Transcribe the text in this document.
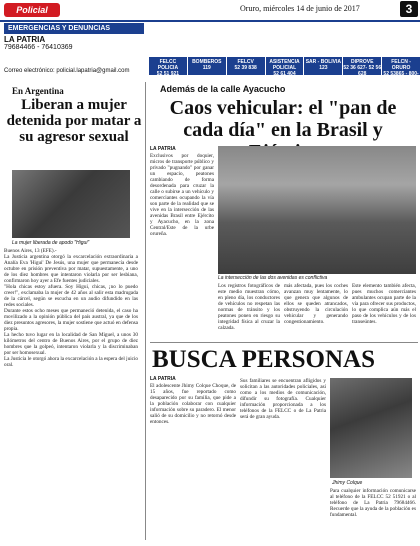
Policial	Oruro, miércoles 14 de junio de 2017	3
EMERGENCIAS Y DENUNCIAS
LA PATRIA
79684466 - 76410369
Correo electrónico: policial.lapatria@gmail.com
FELCC POLICIA
52 51 921
BOMBEROS
119
FELCV
52 39 838
ASISTENCIA POLICIAL
52 61 404
SAR - BOLIVIA
123
DIPROVE
52 36 627- 52 56 628
FELCN - ORURO
52 53865 - 800-10-8080 Línea Gratuita
En Argentina
Liberan a mujer detenida por matar a su agresor sexual
La mujer liberada de apodo "Higui"
Buenos Aires, 13 (EFE).-
La Justicia argentina otorgó la excarcelación extraordinaria a Analía Eva 'Higui' De Jesús, una mujer que permanecía desde octubre en prisión preventiva por matar, supuestamente, a uno de los diez hombres que intentaron violarla por ser lesbiana, confirmaron hoy ayer a Efe fuentes judiciales.
"Hola chicas estoy afuera. Soy Higui, chicas, ¡no lo puedo creer!", exclamaba la mujer de 42 años al salir esta madrugada de la cárcel, según se escucha en un audio difundido en las redes sociales.
Durante estos ocho meses que permaneció detenida, el caso ha movilizado a la opinión pública del país austral, ya que de los diez presuntos agresores, la mujer sostiene que actuó en defensa propia.
La hecho tuvo lugar en la localidad de San Miguel, a unos 30 kilómetros del centro de Buenos Aires, por el grupo de diez hombres que la golpeó, intentaron violarla y la discriminaban por ser homosexual.
La Justicia le otorgó ahora la excarcelación a la espera del juicio oral.
Además de la calle Ayacucho
Caos vehicular: el "pan de cada día" en la Brasil y
LA PATRIA
Exclusivos por doquier, micros de transporte público y privado "pugnando" por ganar un espacio, peatones cambiando de forma desordenada para cruzar la calle o subirse a un vehículo y comerciantes ocupando la vía son parte de la realidad que se vive en la intersección de las avenidas Brasil entre Ejército y Ayacucho, en la zona Central/Este de la urbe orureña.
La intersección de las dos avenidas es conflictiva
Los registros fotográficos de este medio muestran cómo, en pleno día, los conductores de vehículos no respetan las normas de tránsito y los peatones ponen en riesgo su integridad física al cruzar la calzada.
más afectada, pues los coches avanzan muy lentamente, lo que genera que algunos de ellos se queden atrancados, obstruyendo la circulación vehicular y generando congestionamiento.
Este elemento también afecta, pues muchos comerciantes ambulantes ocupan parte de la vía para ofrecer sus productos, lo que complica aún más el paso de los vehículos y de los transeúntes.
BUSCA PERSONAS
LA PATRIA
El adolescente Jhimy Colque Choque, de 15 años, fue reportado como desaparecido por su familia, que pide a la población colaborar con cualquier información sobre su paradero. El menor salió de su domicilio y no retornó desde entonces.
Sus familiares se encuentran afligidos y solicitan a las autoridades policiales, así como a los medios de comunicación, difundir su fotografía. Cualquier información proporcionada a los teléfonos de la FELCC o de La Patria será de gran ayuda.
Jhimy Colque
Para cualquier información comunicarse al teléfono de la FELCC 52 51921 o al teléfono de La Patria 79684466. Recuerde que la ayuda de la población es fundamental.
